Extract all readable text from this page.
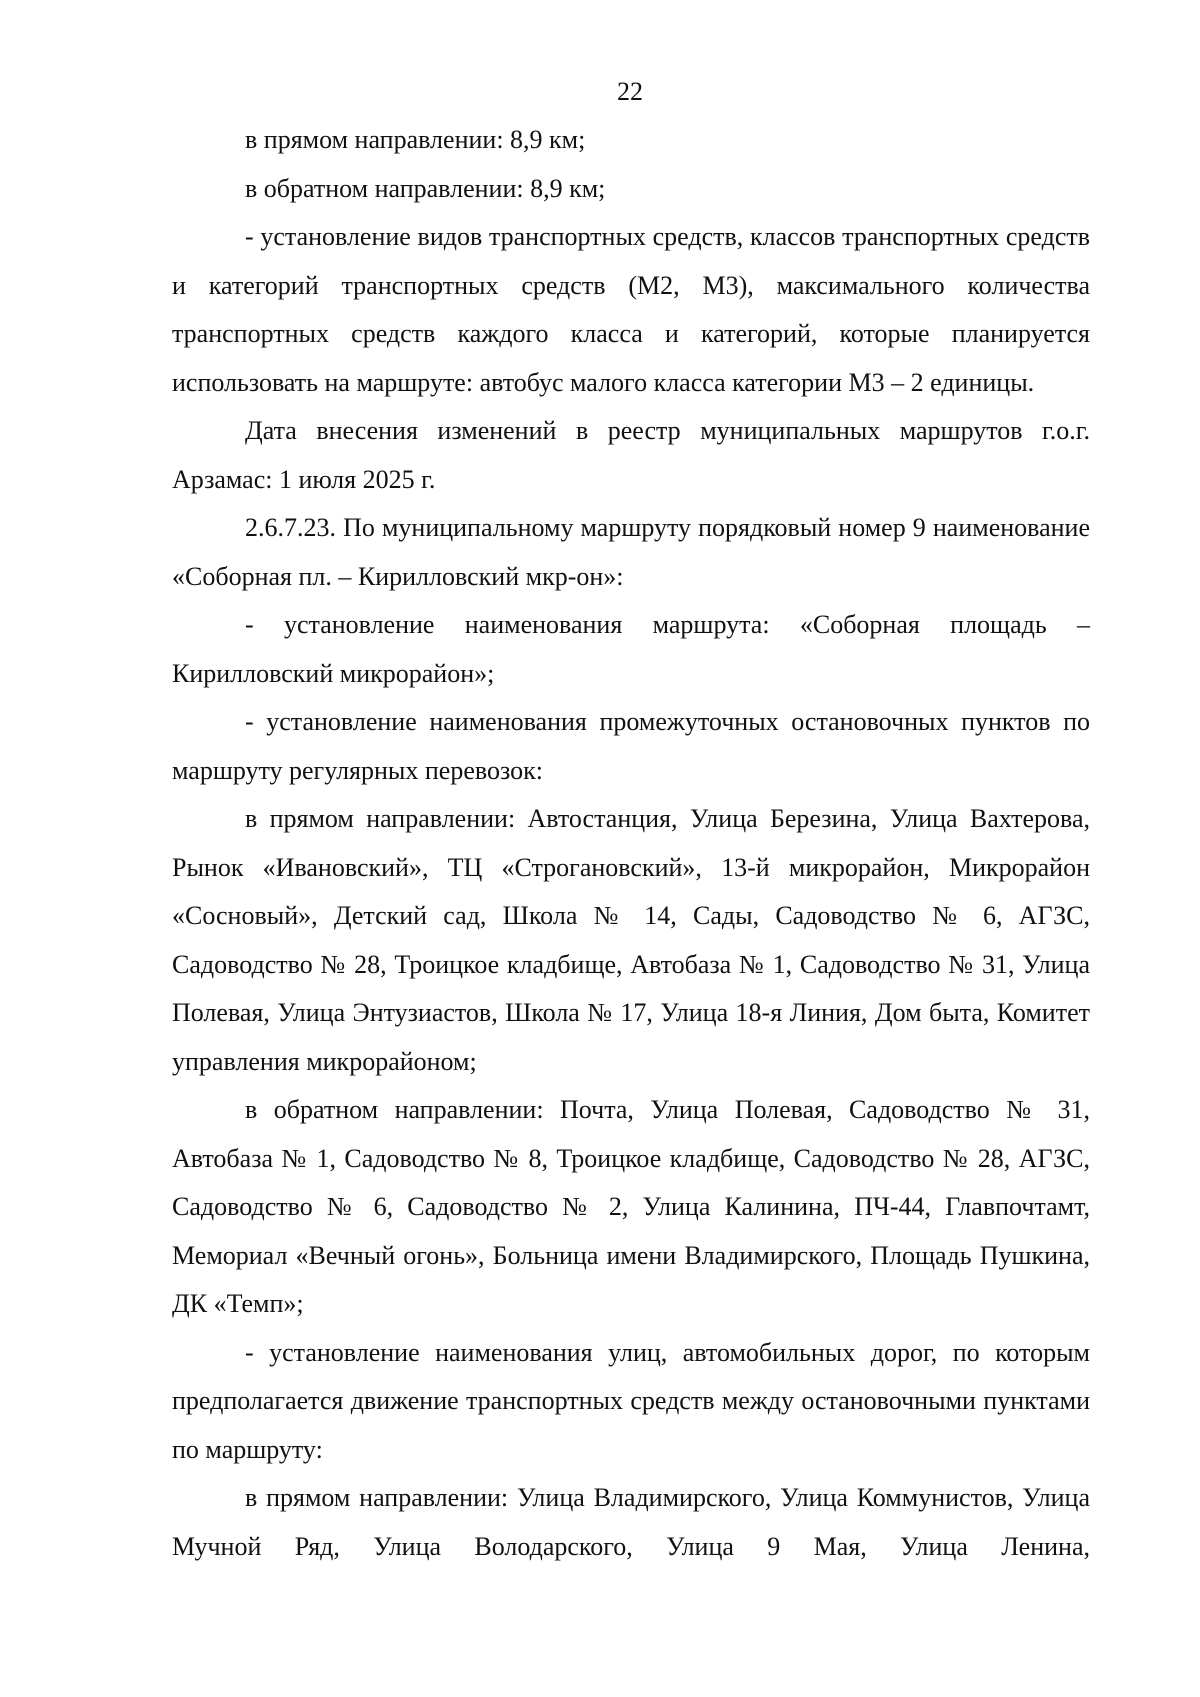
22

в прямом направлении: 8,9 км;

в обратном направлении: 8,9 км;

- установление видов транспортных средств, классов транспортных средств и категорий транспортных средств (М2, М3), максимального количества транспортных средств каждого класса и категорий, которые планируется использовать на маршруте: автобус малого класса категории М3 – 2 единицы.

Дата внесения изменений в реестр муниципальных маршрутов г.о.г. Арзамас: 1 июля 2025 г.

2.6.7.23. По муниципальному маршруту порядковый номер 9 наименование «Соборная пл. – Кирилловский мкр-он»:

- установление наименования маршрута: «Соборная площадь – Кирилловский микрорайон»;

- установление наименования промежуточных остановочных пунктов по маршруту регулярных перевозок:

в прямом направлении: Автостанция, Улица Березина, Улица Вахтерова, Рынок «Ивановский», ТЦ «Строгановский», 13-й микрорайон, Микрорайон «Сосновый», Детский сад, Школа № 14, Сады, Садоводство № 6, АГЗС, Садоводство № 28, Троицкое кладбище, Автобаза № 1, Садоводство № 31, Улица Полевая, Улица Энтузиастов, Школа № 17, Улица 18-я Линия, Дом быта, Комитет управления микрорайоном;

в обратном направлении: Почта, Улица Полевая, Садоводство № 31, Автобаза № 1, Садоводство № 8, Троицкое кладбище, Садоводство № 28, АГЗС, Садоводство № 6, Садоводство № 2, Улица Калинина, ПЧ-44, Главпочтамт, Мемориал «Вечный огонь», Больница имени Владимирского, Площадь Пушкина, ДК «Темп»;

- установление наименования улиц, автомобильных дорог, по которым предполагается движение транспортных средств между остановочными пунктами по маршруту:

в прямом направлении: Улица Владимирского, Улица Коммунистов, Улица Мучной Ряд, Улица Володарского, Улица 9 Мая, Улица Ленина,
